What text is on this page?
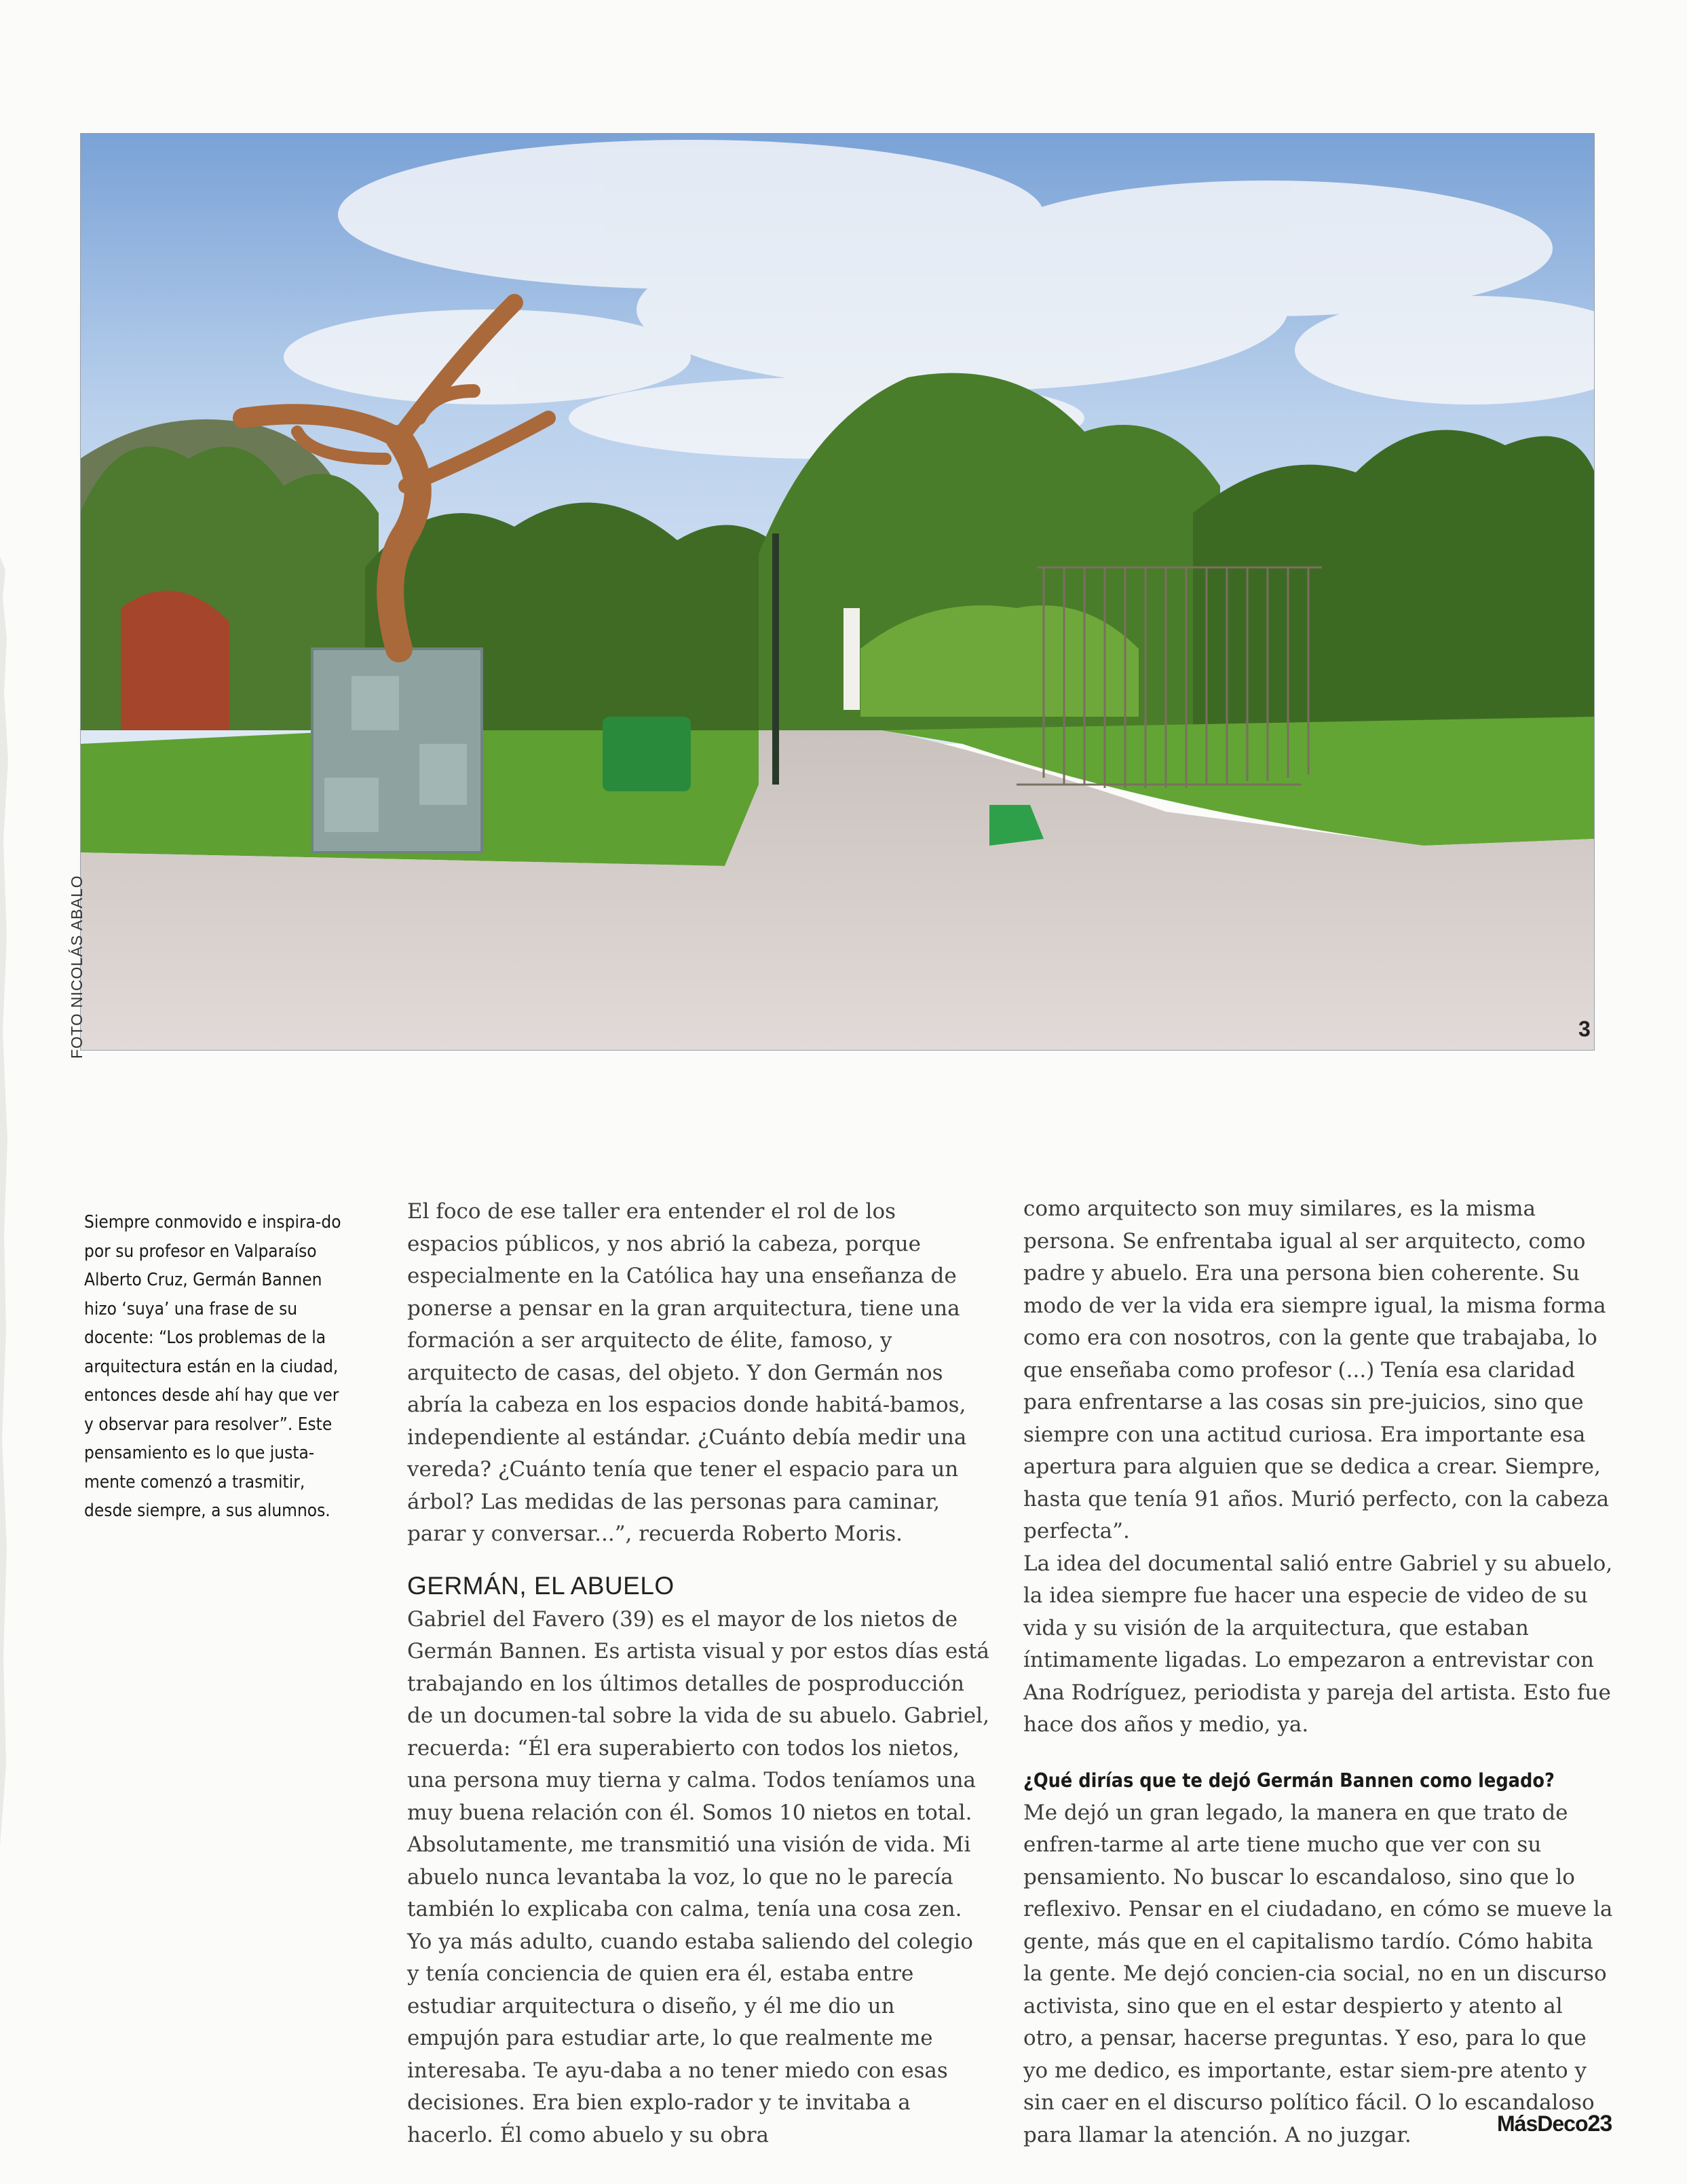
3
FOTO NICOLÁS ABALO
Siempre conmovido e inspira-do por su profesor en Valparaíso Alberto Cruz, Germán Bannen hizo ‘suya’ una frase de su docente: “Los problemas de la arquitectura están en la ciudad, entonces desde ahí hay que ver y observar para resolver”. Este pensamiento es lo que justa-mente comenzó a trasmitir, desde siempre, a sus alumnos.

El foco de ese taller era entender el rol de los espacios públicos, y nos abrió la cabeza, porque especialmente en la Católica hay una enseñanza de ponerse a pensar en la gran arquitectura, tiene una formación a ser arquitecto de élite, famoso, y arquitecto de casas, del objeto. Y don Germán nos abría la cabeza en los espacios donde habitá-bamos, independiente al estándar. ¿Cuánto debía medir una vereda? ¿Cuánto tenía que tener el espacio para un árbol? Las medidas de las personas para caminar, parar y conversar...”, recuerda Roberto Moris.

GERMÁN, EL ABUELO

Gabriel del Favero (39) es el mayor de los nietos de Germán Bannen. Es artista visual y por estos días está trabajando en los últimos detalles de posproducción de un documen-tal sobre la vida de su abuelo. Gabriel, recuerda: “Él era superabierto con todos los nietos, una persona muy tierna y calma. Todos teníamos una muy buena relación con él. Somos 10 nietos en total. Absolutamente, me transmitió una visión de vida. Mi abuelo nunca levantaba la voz, lo que no le parecía también lo explicaba con calma, tenía una cosa zen. Yo ya más adulto, cuando estaba saliendo del colegio y tenía conciencia de quien era él, estaba entre estudiar arquitectura o diseño, y él me dio un empujón para estudiar arte, lo que realmente me interesaba. Te ayu-daba a no tener miedo con esas decisiones. Era bien explo-rador y te invitaba a hacerlo. Él como abuelo y su obra

como arquitecto son muy similares, es la misma persona. Se enfrentaba igual al ser arquitecto, como padre y abuelo. Era una persona bien coherente. Su modo de ver la vida era siempre igual, la misma forma como era con nosotros, con la gente que trabajaba, lo que enseñaba como profesor (...) Tenía esa claridad para enfrentarse a las cosas sin pre-juicios, sino que siempre con una actitud curiosa. Era importante esa apertura para alguien que se dedica a crear. Siempre, hasta que tenía 91 años. Murió perfecto, con la cabeza perfecta”.

La idea del documental salió entre Gabriel y su abuelo, la idea siempre fue hacer una especie de video de su vida y su visión de la arquitectura, que estaban íntimamente ligadas. Lo empezaron a entrevistar con Ana Rodríguez, periodista y pareja del artista. Esto fue hace dos años y medio, ya.

¿Qué dirías que te dejó Germán Bannen como legado?

Me dejó un gran legado, la manera en que trato de enfren-tarme al arte tiene mucho que ver con su pensamiento. No buscar lo escandaloso, sino que lo reflexivo. Pensar en el ciudadano, en cómo se mueve la gente, más que en el capitalismo tardío. Cómo habita la gente. Me dejó concien-cia social, no en un discurso activista, sino que en el estar despierto y atento al otro, a pensar, hacerse preguntas. Y eso, para lo que yo me dedico, es importante, estar siem-pre atento y sin caer en el discurso político fácil. O lo escandaloso para llamar la atención. A no juzgar.	MásDeco23
